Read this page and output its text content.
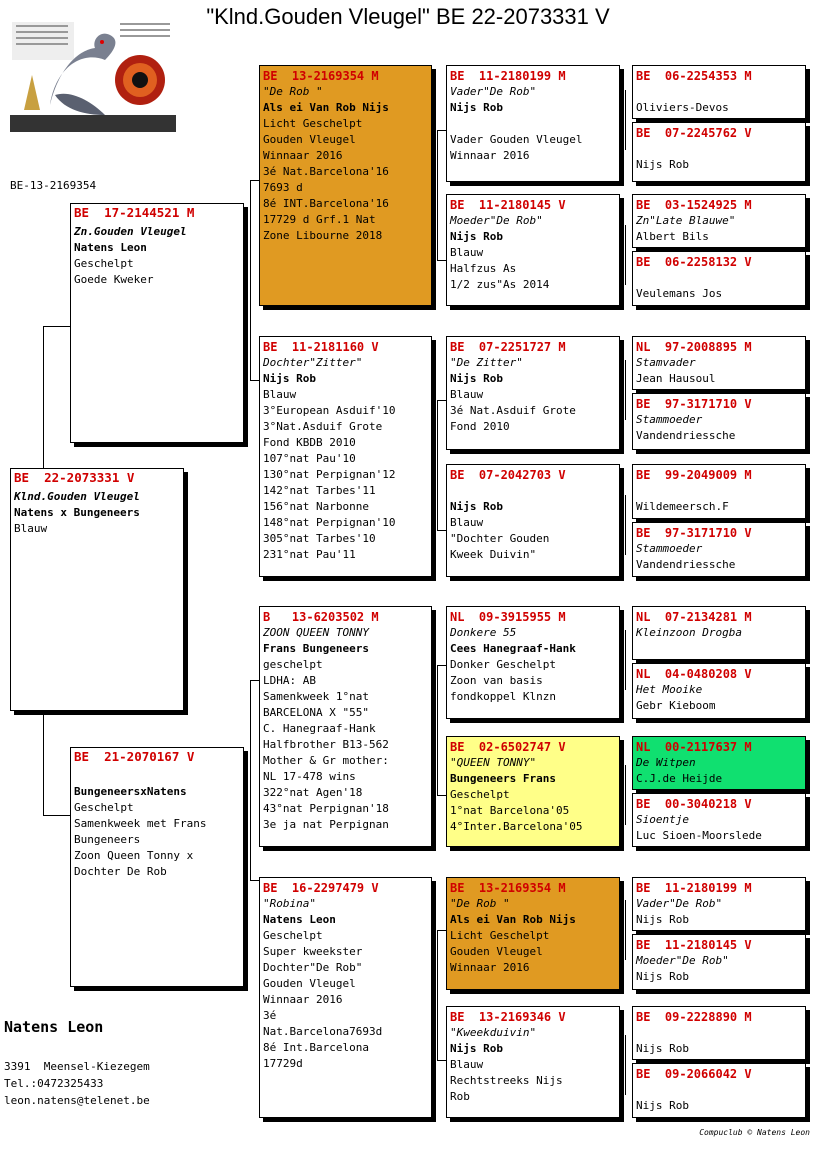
"Klnd.Gouden Vleugel" BE 22-2073331 V
BE-13-2169354
BE  22-2073331 V
Klnd.Gouden Vleugel
Natens x Bungeneers
Blauw
BE  17-2144521 M
Zn.Gouden Vleugel
Natens Leon
Geschelpt
Goede Kweker
BE  21-2070167 V
BungeneersxNatens
Geschelpt
Samenkweek met Frans
Bungeneers
Zoon Queen Tonny x
Dochter De Rob
BE  13-2169354 M
"De Rob "
Als ei Van Rob Nijs
Licht Geschelpt
Gouden Vleugel
Winnaar 2016
3é Nat.Barcelona'16
7693 d
8é INT.Barcelona'16
17729 d Grf.1 Nat
Zone Libourne 2018
BE  11-2181160 V
Dochter"Zitter"
Nijs Rob
Blauw
3°European Asduif'10
3°Nat.Asduif Grote
Fond KBDB 2010
107°nat Pau'10
130°nat Perpignan'12
142°nat Tarbes'11
156°nat Narbonne
148°nat Perpignan'10
305°nat Tarbes'10
231°nat Pau'11
B   13-6203502 M
ZOON QUEEN TONNY
Frans Bungeneers
geschelpt
LDHA: AB
Samenkweek 1°nat
BARCELONA X "55"
C. Hanegraaf-Hank
Halfbrother B13-562
Mother & Gr mother:
NL 17-478 wins
322°nat Agen'18
43°nat Perpignan'18
3e ja nat Perpignan
BE  16-2297479 V
"Robina"
Natens Leon
Geschelpt
Super kweekster
Dochter"De Rob"
Gouden Vleugel
Winnaar 2016
3é
Nat.Barcelona7693d
8é Int.Barcelona
17729d
BE  11-2180199 M
Vader"De Rob"
Nijs Rob
Vader Gouden Vleugel
Winnaar 2016
BE  11-2180145 V
Moeder"De Rob"
Nijs Rob
Blauw
Halfzus As
1/2 zus"As 2014
BE  07-2251727 M
"De Zitter"
Nijs Rob
Blauw
3é Nat.Asduif Grote
Fond 2010
BE  07-2042703 V
Nijs Rob
Blauw
"Dochter Gouden
Kweek Duivin"
NL  09-3915955 M
Donkere 55
Cees Hanegraaf-Hank
Donker Geschelpt
Zoon van basis
fondkoppel Klnzn
BE  02-6502747 V
"QUEEN TONNY"
Bungeneers Frans
Geschelpt
1°nat Barcelona'05
4°Inter.Barcelona'05
BE  13-2169354 M
"De Rob "
Als ei Van Rob Nijs
Licht Geschelpt
Gouden Vleugel
Winnaar 2016
BE  13-2169346 V
"Kweekduivin"
Nijs Rob
Blauw
Rechtstreeks Nijs
Rob
BE  06-2254353 M
Oliviers-Devos
BE  07-2245762 V
Nijs Rob
BE  03-1524925 M
Zn"Late Blauwe"
Albert Bils
BE  06-2258132 V
Veulemans Jos
NL  97-2008895 M
Stamvader
Jean Hausoul
BE  97-3171710 V
Stammoeder
Vandendriessche
BE  99-2049009 M
Wildemeersch.F
BE  97-3171710 V
Stammoeder
Vandendriessche
NL  07-2134281 M
Kleinzoon Drogba
NL  04-0480208 V
Het Mooike
Gebr Kieboom
NL  00-2117637 M
De Witpen
C.J.de Heijde
BE  00-3040218 V
Sioentje
Luc Sioen-Moorslede
BE  11-2180199 M
Vader"De Rob"
Nijs Rob
BE  11-2180145 V
Moeder"De Rob"
Nijs Rob
BE  09-2228890 M
Nijs Rob
BE  09-2066042 V
Nijs Rob
Natens Leon
3391  Meensel-Kiezegem
Tel.:0472325433
leon.natens@telenet.be
Compuclub © Natens Leon
